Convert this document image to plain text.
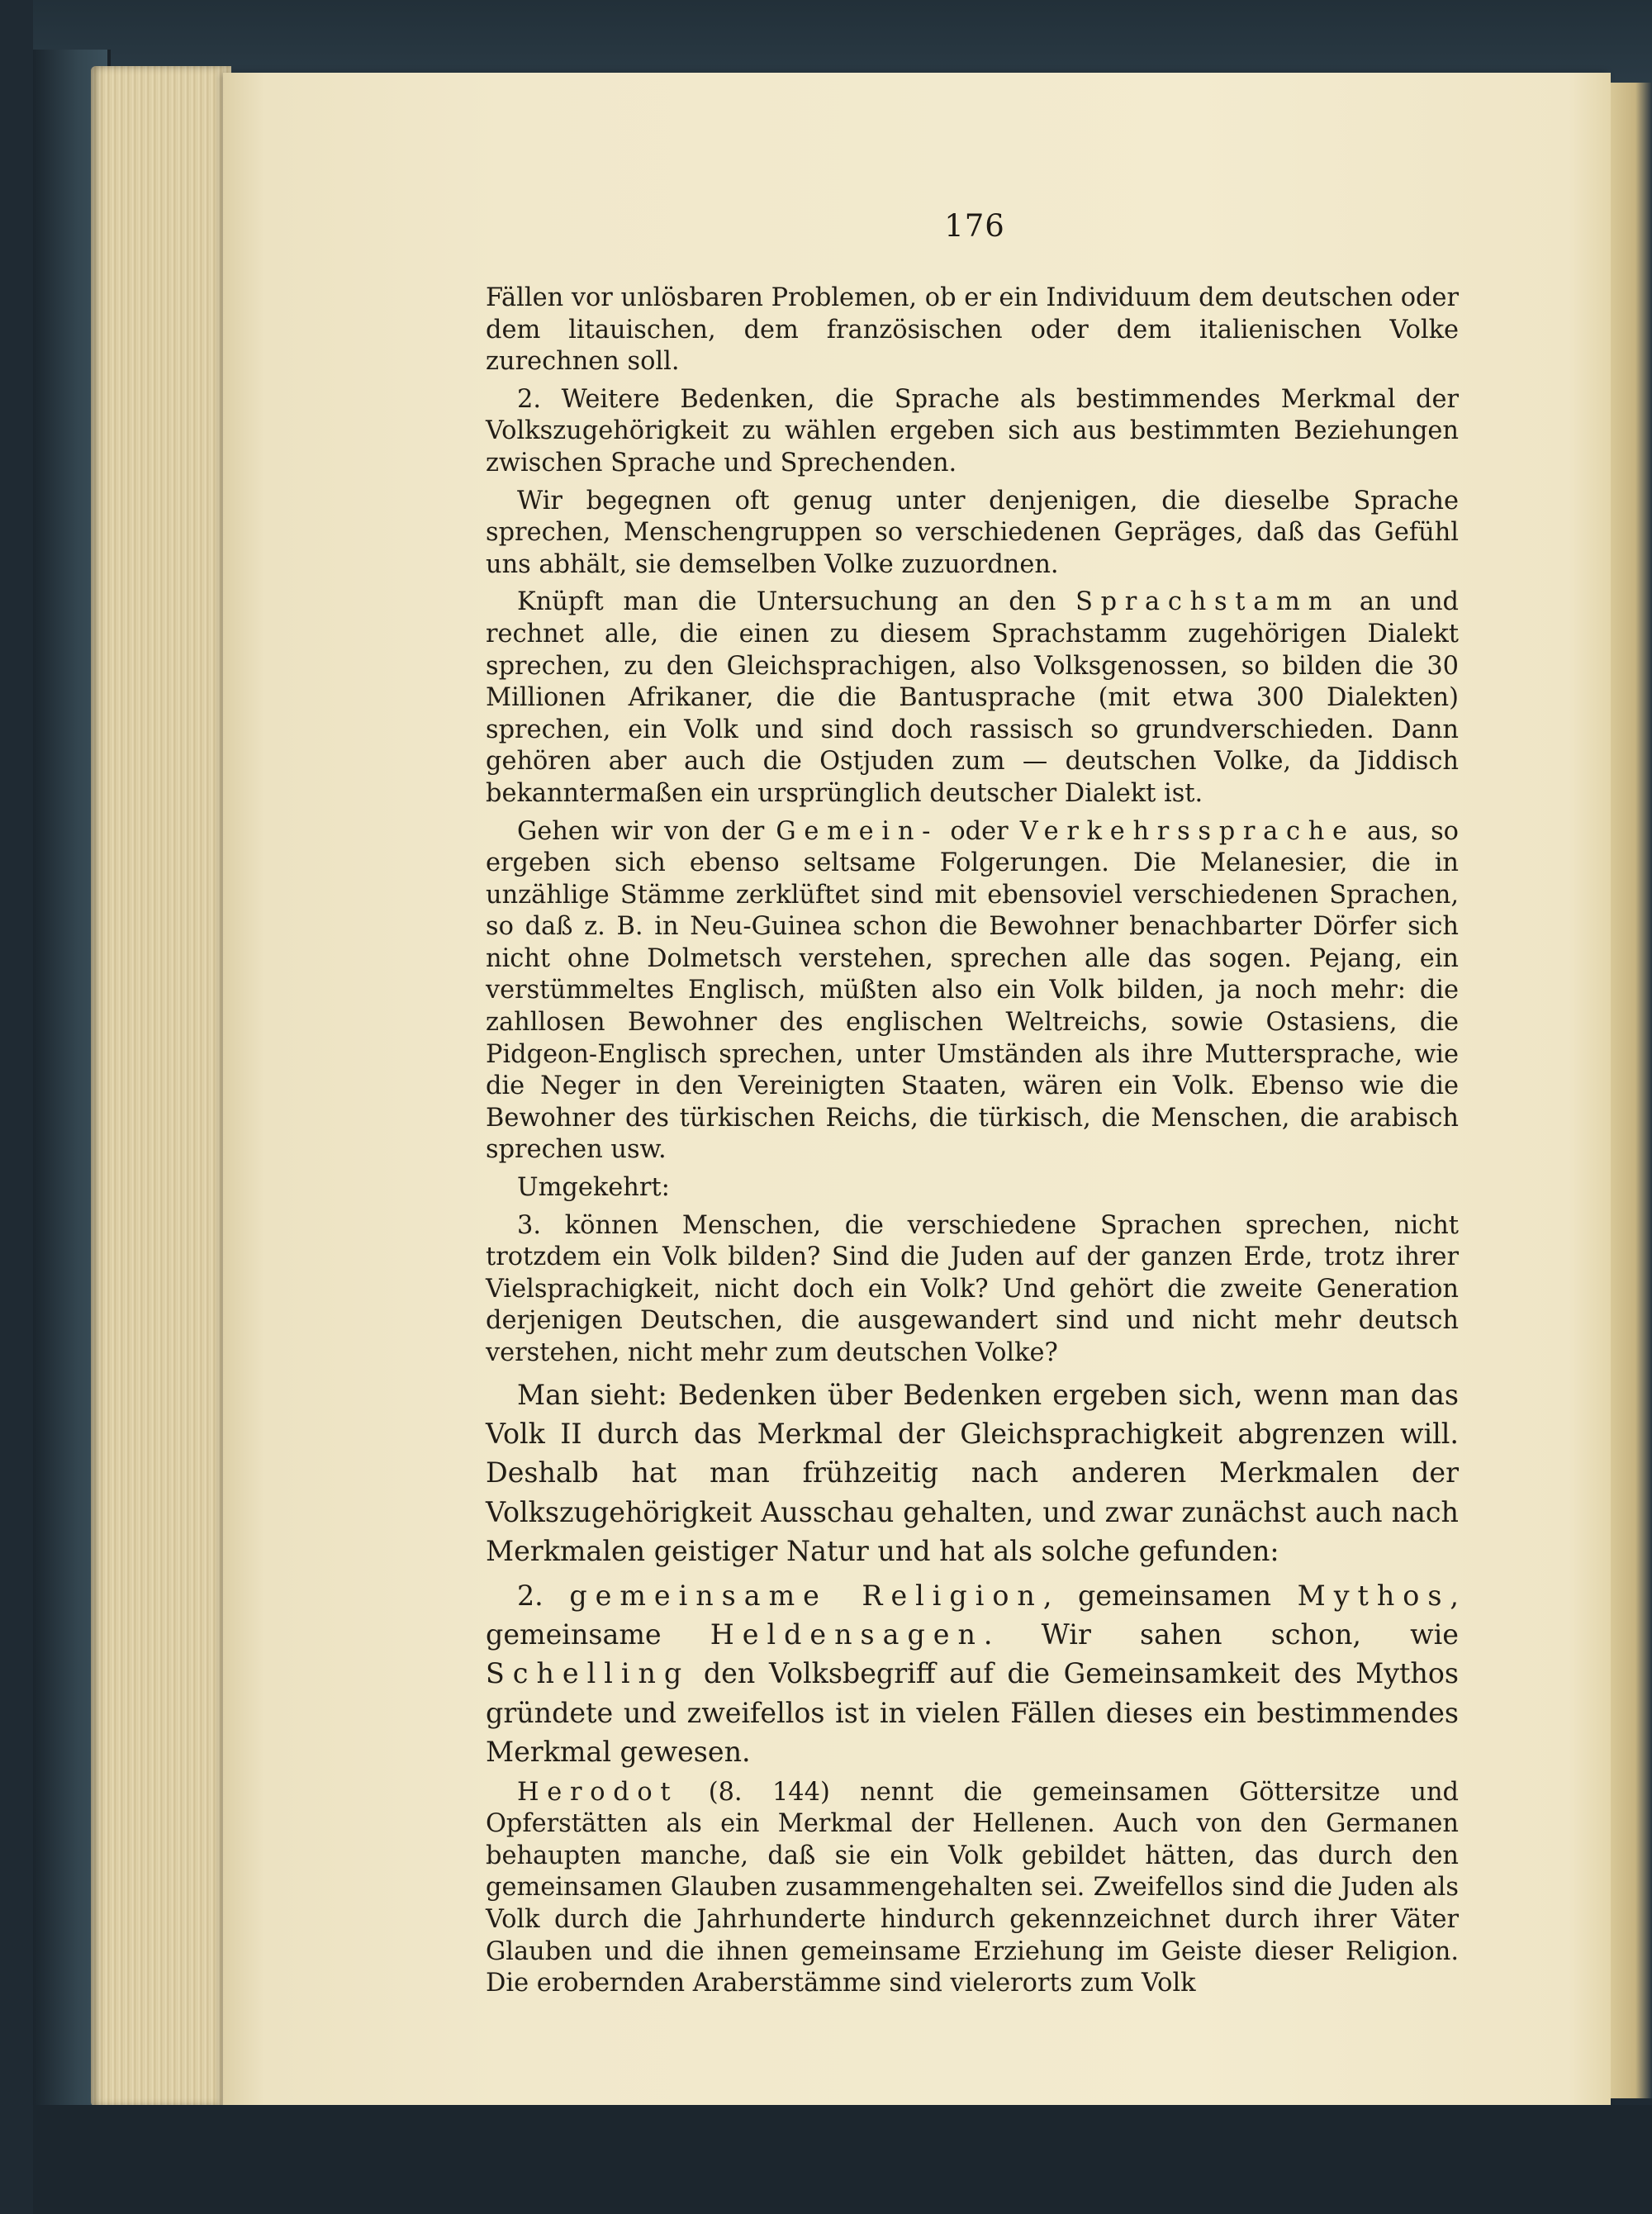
176

Fällen vor unlösbaren Problemen, ob er ein Individuum dem deutschen oder dem litauischen, dem französischen oder dem italienischen Volke zurechnen soll.

2. Weitere Bedenken, die Sprache als bestimmendes Merkmal der Volkszugehörigkeit zu wählen ergeben sich aus bestimmten Beziehungen zwischen Sprache und Sprechenden.

Wir begegnen oft genug unter denjenigen, die dieselbe Sprache sprechen, Menschengruppen so verschiedenen Gepräges, daß das Gefühl uns abhält, sie demselben Volke zuzuordnen.

Knüpft man die Untersuchung an den Sprachstamm an und rechnet alle, die einen zu diesem Sprachstamm zugehörigen Dialekt sprechen, zu den Gleichsprachigen, also Volksgenossen, so bilden die 30 Millionen Afrikaner, die die Bantusprache (mit etwa 300 Dialekten) sprechen, ein Volk und sind doch rassisch so grundverschieden. Dann gehören aber auch die Ostjuden zum — deutschen Volke, da Jiddisch bekanntermaßen ein ursprünglich deutscher Dialekt ist.

Gehen wir von der Gemein- oder Verkehrssprache aus, so ergeben sich ebenso seltsame Folgerungen. Die Melanesier, die in unzählige Stämme zerklüftet sind mit ebensoviel verschiedenen Sprachen, so daß z. B. in Neu-Guinea schon die Bewohner benachbarter Dörfer sich nicht ohne Dolmetsch verstehen, sprechen alle das sogen. Pejang, ein verstümmeltes Englisch, müßten also ein Volk bilden, ja noch mehr: die zahllosen Bewohner des englischen Weltreichs, sowie Ostasiens, die Pidgeon-Englisch sprechen, unter Umständen als ihre Muttersprache, wie die Neger in den Vereinigten Staaten, wären ein Volk. Ebenso wie die Bewohner des türkischen Reichs, die türkisch, die Menschen, die arabisch sprechen usw.

Umgekehrt:

3. können Menschen, die verschiedene Sprachen sprechen, nicht trotzdem ein Volk bilden? Sind die Juden auf der ganzen Erde, trotz ihrer Vielsprachigkeit, nicht doch ein Volk? Und gehört die zweite Generation derjenigen Deutschen, die ausgewandert sind und nicht mehr deutsch verstehen, nicht mehr zum deutschen Volke?

Man sieht: Bedenken über Bedenken ergeben sich, wenn man das Volk II durch das Merkmal der Gleichsprachigkeit abgrenzen will. Deshalb hat man frühzeitig nach anderen Merkmalen der Volkszugehörigkeit Ausschau gehalten, und zwar zunächst auch nach Merkmalen geistiger Natur und hat als solche gefunden:

2. gemeinsame Religion, gemeinsamen Mythos, gemeinsame Heldensagen. Wir sahen schon, wie Schelling den Volksbegriff auf die Gemeinsamkeit des Mythos gründete und zweifellos ist in vielen Fällen dieses ein bestimmendes Merkmal gewesen.

Herodot (8. 144) nennt die gemeinsamen Göttersitze und Opferstätten als ein Merkmal der Hellenen. Auch von den Germanen behaupten manche, daß sie ein Volk gebildet hätten, das durch den gemeinsamen Glauben zusammengehalten sei. Zweifellos sind die Juden als Volk durch die Jahrhunderte hindurch gekennzeichnet durch ihrer Väter Glauben und die ihnen gemeinsame Erziehung im Geiste dieser Religion. Die erobernden Araberstämme sind vielerorts zum Volk
